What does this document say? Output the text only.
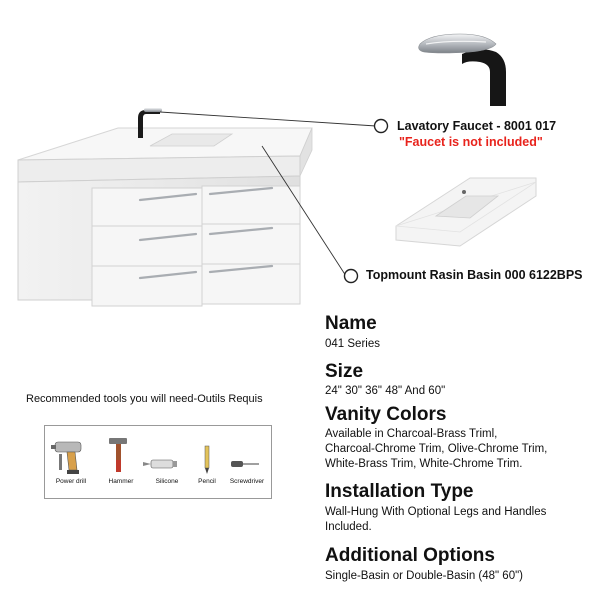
Lavatory Faucet - 8001 017
"Faucet is not included"
Topmount Rasin Basin 000 6122BPS
Name
041 Series
Size
24" 30" 36" 48" And 60"
Vanity Colors
Available in Charcoal-Brass Triml,
Charcoal-Chrome Trim, Olive-Chrome Trim,
White-Brass Trim, White-Chrome Trim.
Installation Type
Wall-Hung With Optional Legs and Handles
Included.
Additional Options
Single-Basin or Double-Basin (48" 60")
Recommended tools you will need-Outils Requis
Power drill	Hammer	Silicone	Pencil	Screwdriver
